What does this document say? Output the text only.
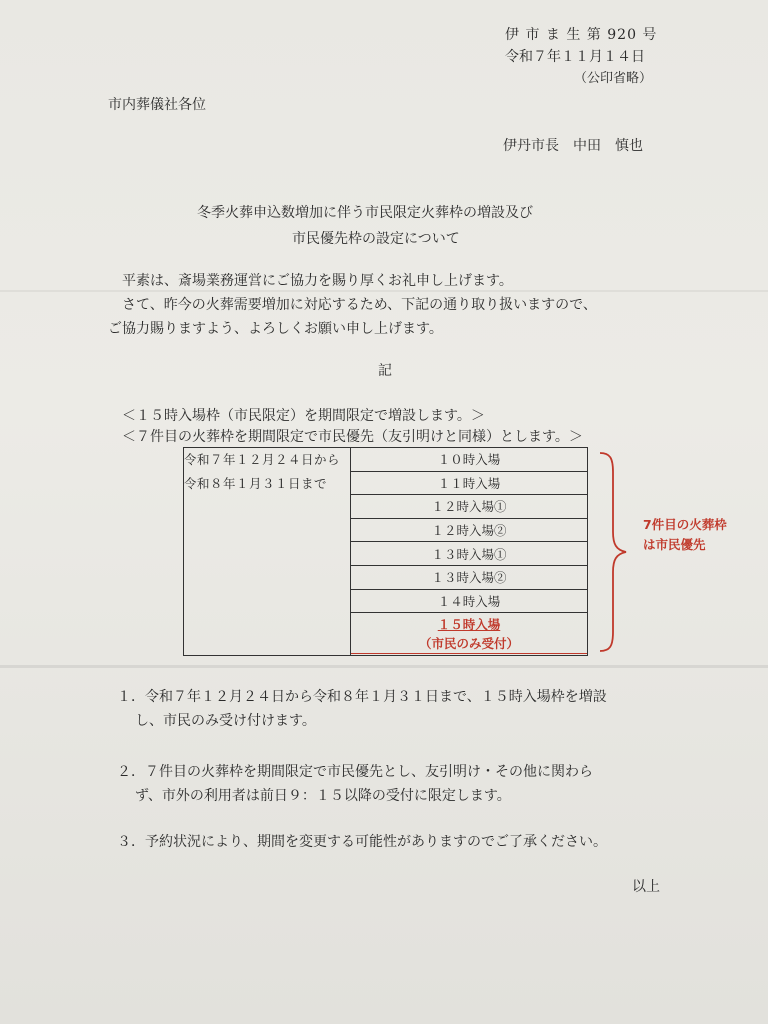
伊 市 ま 生 第 920 号
令和７年１１月１４日
（公印省略）
市内葬儀社各位
伊丹市長　中田　慎也
冬季火葬申込数増加に伴う市民限定火葬枠の増設及び
市民優先枠の設定について
平素は、斎場業務運営にご協力を賜り厚くお礼申し上げます。
さて、昨今の火葬需要増加に対応するため、下記の通り取り扱いますので、
ご協力賜りますよう、よろしくお願い申し上げます。
記
＜１５時入場枠（市民限定）を期間限定で増設します。＞
＜７件目の火葬枠を期間限定で市民優先（友引明けと同様）とします。＞
令和７年１２月２４日から令和８年１月３１日まで	１０時入場
１１時入場
１２時入場①
１２時入場②
１３時入場①
１３時入場②
１４時入場

１５時入場
（市民のみ受付）
7件目の火葬枠
は市民優先
１．令和７年１２月２４日から令和８年１月３１日まで、１５時入場枠を増設
し、市民のみ受け付けます。
２．７件目の火葬枠を期間限定で市民優先とし、友引明け・その他に関わら
ず、市外の利用者は前日９：１５以降の受付に限定します。
３．予約状況により、期間を変更する可能性がありますのでご了承ください。
以上
